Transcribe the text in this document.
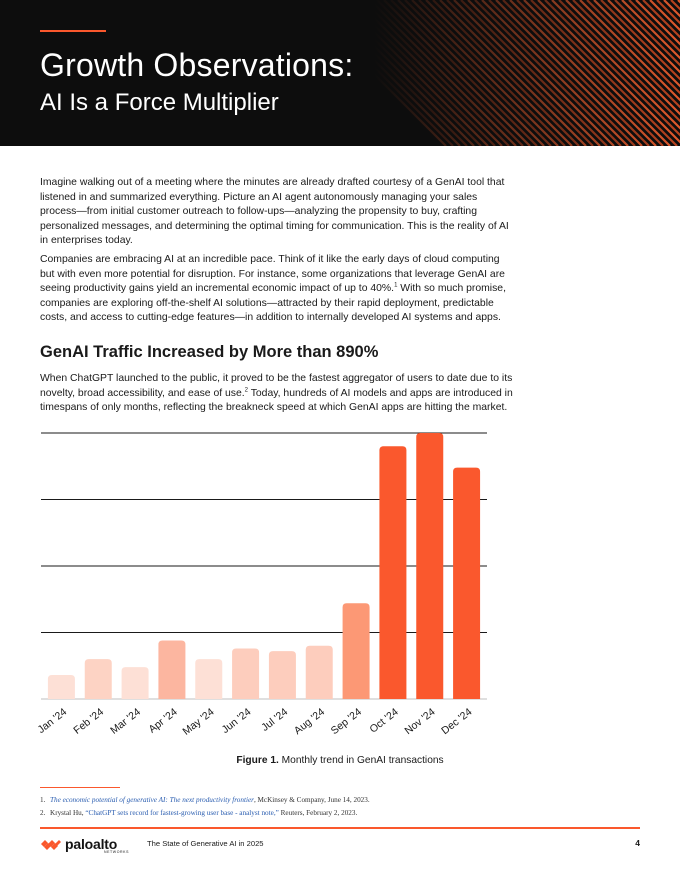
Growth Observations:
AI Is a Force Multiplier

Imagine walking out of a meeting where the minutes are already drafted courtesy of a GenAI tool that listened in and summarized everything. Picture an AI agent autonomously managing your sales process—from initial customer outreach to follow-ups—analyzing the propensity to buy, crafting personalized messages, and determining the optimal timing for communication. This is the reality of AI in enterprises today.

Companies are embracing AI at an incredible pace. Think of it like the early days of cloud computing but with even more potential for disruption. For instance, some organizations that leverage GenAI are seeing productivity gains yield an incremental economic impact of up to 40%.$^1$ With so much promise, companies are exploring off-the-shelf AI solutions—attracted by their rapid deployment, predictable costs, and access to cutting-edge features—in addition to internally developed AI systems and apps.

GenAI Traffic Increased by More than 890%

When ChatGPT launched to the public, it proved to be the fastest aggregator of users to date due to its novelty, broad accessibility, and ease of use.$^2$ Today, hundreds of AI models and apps are introduced in timespans of only months, reflecting the breakneck speed at which GenAI apps are hitting the market.

Jan '24 Feb '24 Mar '24 Apr '24 May '24 Jun '24 Jul '24 Aug '24 Sep '24 Oct '24 Nov '24 Dec '24
Figure 1. Monthly trend in GenAI transactions
1. The economic potential of generative AI: The next productivity frontier, McKinsey & Company, June 14, 2023.
2. Krystal Hu, “ChatGPT sets record for fastest-growing user base - analyst note,” Reuters, February 2, 2023.
paloalto
NETWORKS
The State of Generative AI in 2025	4
